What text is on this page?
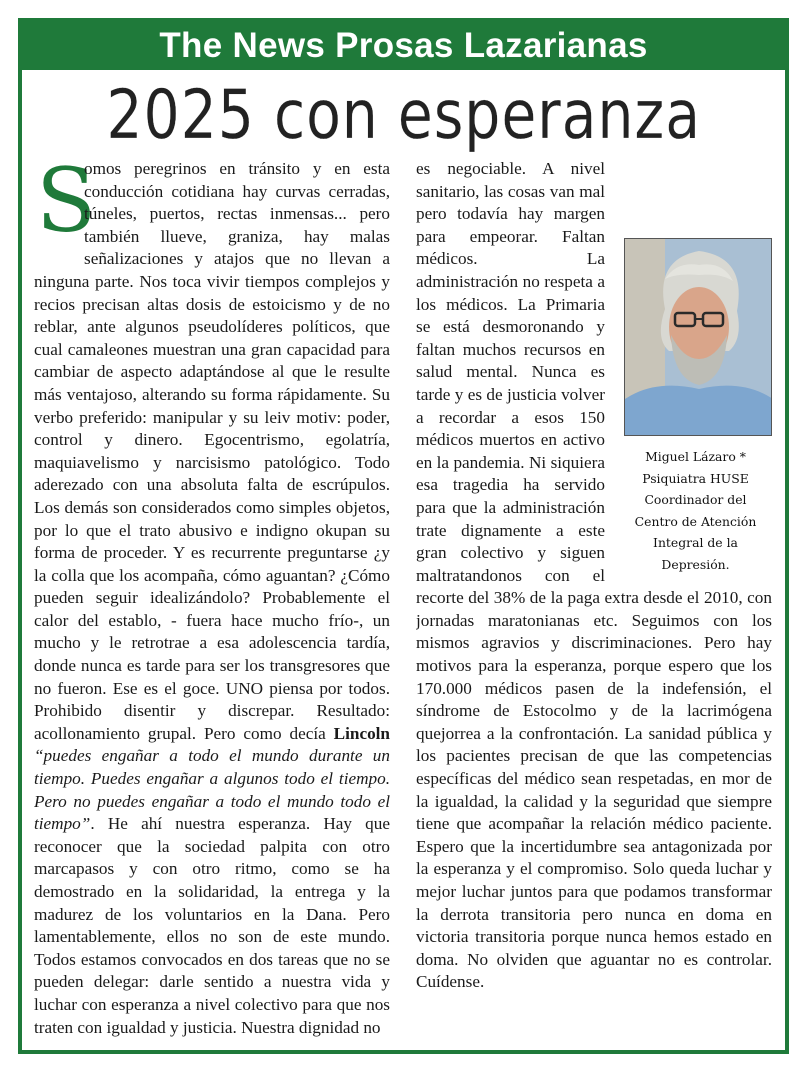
The News Prosas Lazarianas
2025 con esperanza

S
omos peregrinos en tránsito y en esta conducción cotidiana hay curvas cerradas, túneles, puertos, rectas inmensas... pero también llueve, graniza, hay malas señalizaciones y atajos que no llevan a ninguna parte. Nos toca vivir tiempos complejos y recios precisan altas dosis de estoicismo y de no reblar, ante algunos pseudolíderes políticos, que cual camaleones muestran una gran capacidad para cambiar de aspecto adaptándose al que le resulte más ventajoso, alterando su forma rápidamente. Su verbo preferido: manipular y su leiv motiv: poder, control y dinero. Egocentrismo, egolatría, maquiavelismo y narcisismo patológico. Todo aderezado con una absoluta falta de escrúpulos. Los demás son considerados como simples objetos, por lo que el trato abusivo e indigno okupan su forma de proceder. Y es recurrente preguntarse ¿y la colla que los acompaña, cómo aguantan? ¿Cómo pueden seguir idealizándolo? Probablemente el calor del establo, - fuera hace mucho frío-, un mucho y le retrotrae a esa adolescencia tardía, donde nunca es tarde para ser los transgresores que no fueron. Ese es el goce. UNO piensa por todos. Prohibido disentir y discrepar. Resultado: acollonamiento grupal. Pero como decía Lincoln “puedes engañar a todo el mundo durante un tiempo. Puedes engañar a algunos todo el tiempo. Pero no puedes engañar a todo el mundo todo el tiempo”. He ahí nuestra esperanza. Hay que reconocer que la sociedad palpita con otro marcapasos y con otro ritmo, como se ha demostrado en la solidaridad, la entrega y la madurez de los voluntarios en la Dana. Pero lamentablemente, ellos no son de este mundo. Todos estamos convocados en dos tareas que no se pueden delegar: darle sentido a nuestra vida y luchar con esperanza a nivel colectivo para que nos traten con igualdad y justicia. Nuestra dignidad no

Miguel Lázaro *
Psiquiatra HUSE
Coordinador del
Centro de Atención
Integral de la
Depresión.
es negociable. A nivel sanitario, las cosas van mal pero todavía hay margen para empeorar. Faltan médicos. La administración no respeta a los médicos. La Primaria se está desmoronando y faltan muchos recursos en salud mental. Nunca es tarde y es de justicia volver a recordar a esos 150 médicos muertos en activo en la pandemia. Ni siquiera esa tragedia ha servido para que la administración trate dignamente a este gran colectivo y siguen maltratandonos con el recorte del 38% de la paga extra desde el 2010, con jornadas maratonianas etc. Seguimos con los mismos agravios y discriminaciones. Pero hay motivos para la esperanza, porque espero que los 170.000 médicos pasen de la indefensión, el síndrome de Estocolmo y de la lacrimógena quejorrea a la confrontación. La sanidad pública y los pacientes precisan de que las competencias específicas del médico sean respetadas, en mor de la igualdad, la calidad y la seguridad que siempre tiene que acompañar la relación médico paciente. Espero que la incertidumbre sea antagonizada por la esperanza y el compromiso. Solo queda luchar y mejor luchar juntos para que podamos transformar la derrota transitoria pero nunca en doma en victoria transitoria porque nunca hemos estado en doma. No olviden que aguantar no es controlar. Cuídense.
